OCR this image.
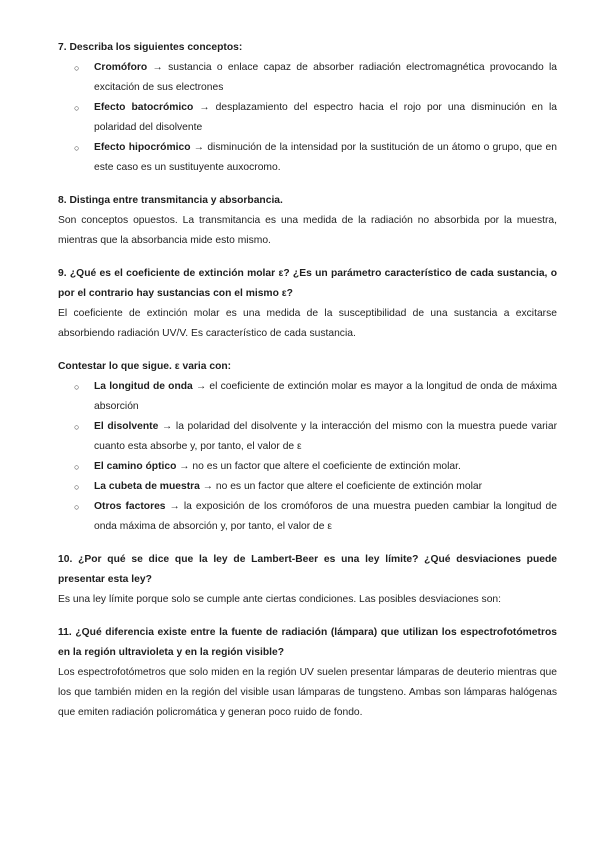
7. Describa los siguientes conceptos:
○ Cromóforo → sustancia o enlace capaz de absorber radiación electromagnética provocando la excitación de sus electrones
○ Efecto batocrómico → desplazamiento del espectro hacia el rojo por una disminución en la polaridad del disolvente
○ Efecto hipocrómico → disminución de la intensidad por la sustitución de un átomo o grupo, que en este caso es un sustituyente auxocromo.
8. Distinga entre transmitancia y absorbancia.

Son conceptos opuestos. La transmitancia es una medida de la radiación no absorbida por la muestra, mientras que la absorbancia mide esto mismo.

9. ¿Qué es el coeficiente de extinción molar ε? ¿Es un parámetro característico de cada sustancia, o por el contrario hay sustancias con el mismo ε?

El coeficiente de extinción molar es una medida de la susceptibilidad de una sustancia a excitarse absorbiendo radiación UV/V. Es característico de cada sustancia.

Contestar lo que sigue. ε varia con:
○ La longitud de onda → el coeficiente de extinción molar es mayor a la longitud de onda de máxima absorción
○ El disolvente → la polaridad del disolvente y la interacción del mismo con la muestra puede variar cuanto esta absorbe y, por tanto, el valor de ε
○ El camino óptico → no es un factor que altere el coeficiente de extinción molar.
○ La cubeta de muestra → no es un factor que altere el coeficiente de extinción molar
○ Otros factores → la exposición de los cromóforos de una muestra pueden cambiar la longitud de onda máxima de absorción y, por tanto, el valor de ε
10. ¿Por qué se dice que la ley de Lambert-Beer es una ley límite? ¿Qué desviaciones puede presentar esta ley?

Es una ley límite porque solo se cumple ante ciertas condiciones. Las posibles desviaciones son:

11. ¿Qué diferencia existe entre la fuente de radiación (lámpara) que utilizan los espectrofotómetros en la región ultravioleta y en la región visible?

Los espectrofotómetros que solo miden en la región UV suelen presentar lámparas de deuterio mientras que los que también miden en la región del visible usan lámparas de tungsteno. Ambas son lámparas halógenas que emiten radiación policromática y generan poco ruido de fondo.
